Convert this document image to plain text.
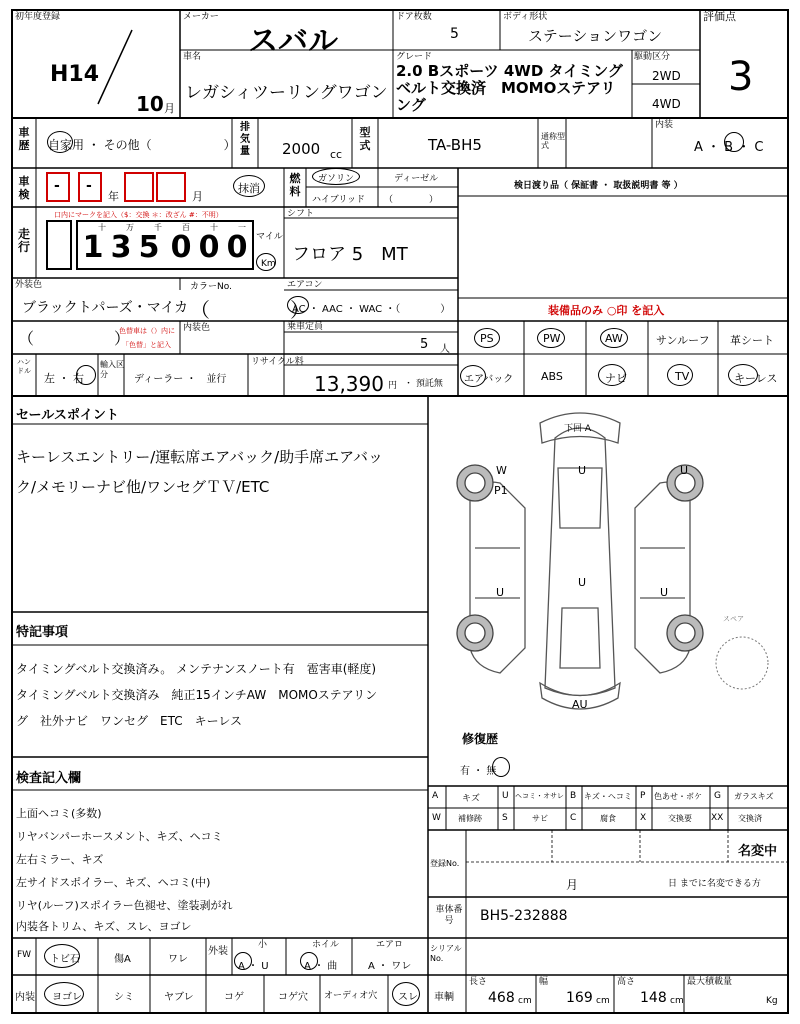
初年度登録
H14
10 月
メーカー
スバル
ドア枚数
5
ボディ形状
ステーションワゴン
評価点
3
車名
レガシィツーリングワゴン
グレード
2.0 Bスポーツ 4WD タイミングベルト交換済　MOMOステアリング
駆動区分
2WD
4WD
車歴 自家用 ・ その他（　　　　　　）
排気量 2000 cc
型式	TA-BH5	通称型式
内装
A ・ B ・ C
車検
- -
年	月
抹消
燃料
ガソリン	ディーゼル
ハイブリッド （　　　　）
検日渡り品（ 保証書 ・ 取扱説明書 等 ）
走行
口内にマークを記入（$：交換 ＊：改ざん #：不明）
十	万	千	百	十	一
1 3 5 0 0 0 マイル
Km
シフト
フロア 5　MT
外装色
ブラックトパーズ・マイカ
カラーNo.
（　　　　）
エアコン
AC ・ AAC ・ WAC ・（　　　　）	装備品のみ ○印 を記入
（　　　　　）
色替車は（）内に
「色替」と記入
内装色	乗車定員
5 人
PS	PW	AW	サンルーフ 革シート
エアバック	ABS	ナビ	TV	キーレス
ハンドル
左 ・ 右
輸入区分	ディーラー ・　並行
リサイクル料
13,390 円 ・ 預託無
セールスポイント
キーレスエントリー/運転席エアバック/助手席エアバッ
ク/メモリーナビ他/ワンセグＴＶ/ETC
特記事項
タイミングベルト交換済み。 メンテナンスノート有　雹害車(軽度)
タイミングベルト交換済み　純正15インチAW　MOMOステアリン
グ　社外ナビ　ワンセグ　ETC　キーレス
検査記入欄
上面ヘコミ(多数)
リヤバンパーホースメント、キズ、ヘコミ
左右ミラー、キズ
左サイドスポイラー、キズ、ヘコミ(中)
リヤ(ルーフ)スポイラー色褪せ、塗装剥がれ
内装各トリム、キズ、スレ、ヨゴレ
下回 A
U
U
W
P1
U	U
U
AU
スペア
修復歴
有 ・ 無
A	キズ U ヘコミ・オサレ B キズ・ヘコミ P 色あせ・ボケ G ガラスキズ
W 補修跡 S	サビ C	腐食	X	交換要 XX 交換済
登録No.
名変中
月	日 までに名変できる方
車体番号	BH5-232888
FW トビ石	傷A	ワレ
外装
小
A ・ U
ホイル
A ・ 曲
エアロ
A ・ ワレ
シリアルNo.
内装 ヨゴレ	シミ	ヤブレ	コゲ	コゲ穴 オーディオ穴 スレ 車輌
長さ
468 cm
幅
169 cm
高さ
148 cm
最大積載量
Kg
